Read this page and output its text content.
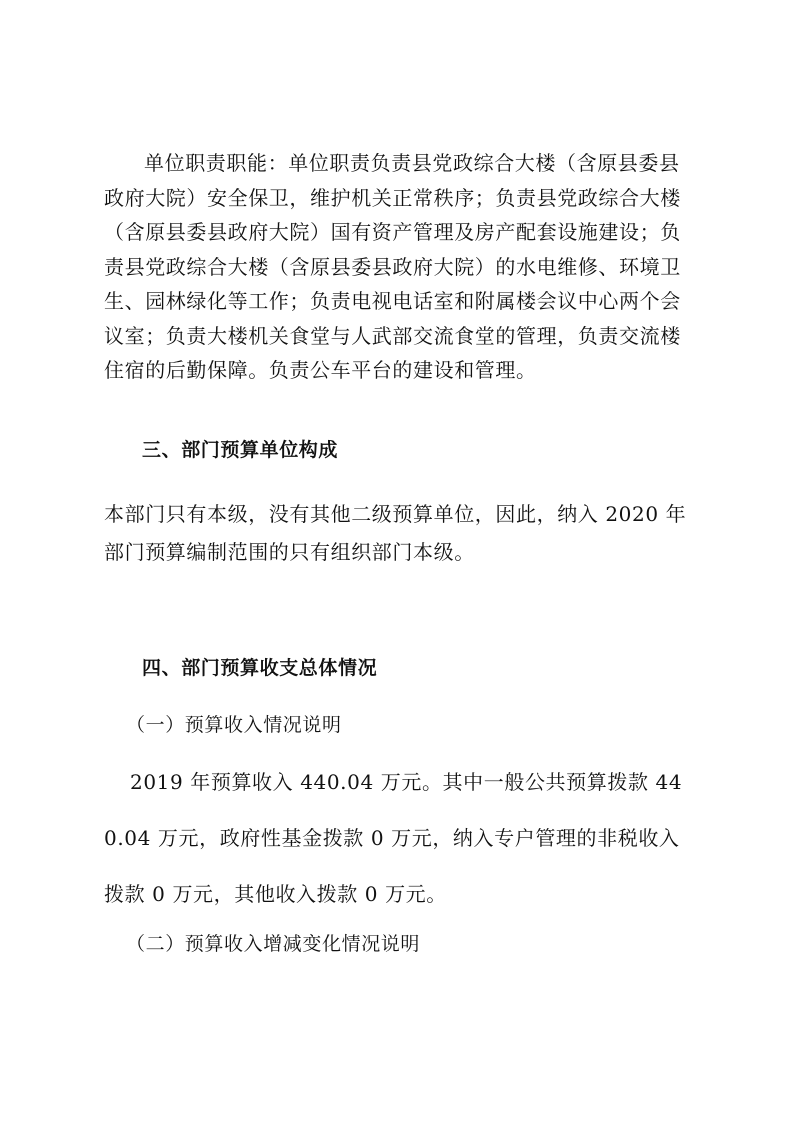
单位职责职能：单位职责负责县党政综合大楼（含原县委县政府大院）安全保卫，维护机关正常秩序；负责县党政综合大楼（含原县委县政府大院）国有资产管理及房产配套设施建设；负责县党政综合大楼（含原县委县政府大院）的水电维修、环境卫生、园林绿化等工作；负责电视电话室和附属楼会议中心两个会议室；负责大楼机关食堂与人武部交流食堂的管理，负责交流楼住宿的后勤保障。负责公车平台的建设和管理。

三、部门预算单位构成

本部门只有本级，没有其他二级预算单位，因此，纳入 2020 年部门预算编制范围的只有组织部门本级。

四、部门预算收支总体情况

（一）预算收入情况说明

2019 年预算收入 440.04 万元。其中一般公共预算拨款 440.04 万元，政府性基金拨款 0 万元，纳入专户管理的非税收入拨款 0 万元，其他收入拨款 0 万元。

（二）预算收入增减变化情况说明
